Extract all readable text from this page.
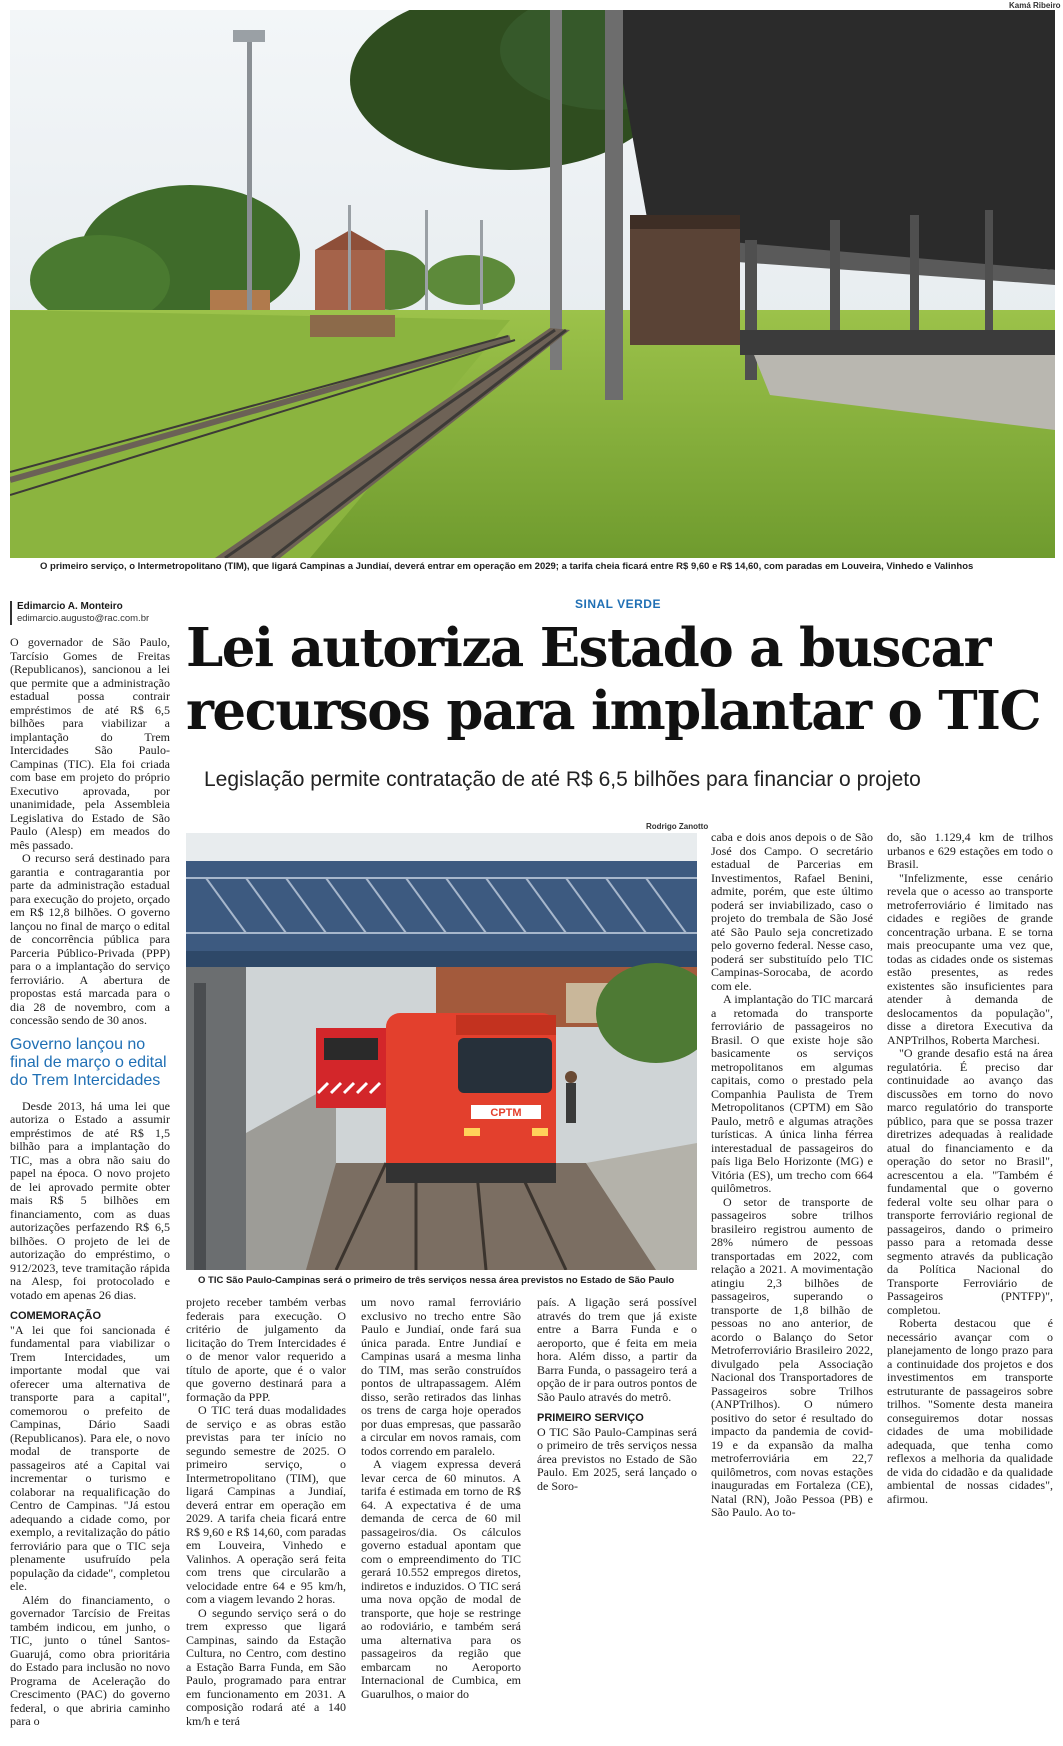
Kamá Ribeiro
O primeiro serviço, o Intermetropolitano (TIM), que ligará Campinas a Jundiaí, deverá entrar em operação em 2029; a tarifa cheia ficará entre R$ 9,60 e R$ 14,60, com paradas em Louveira, Vinhedo e Valinhos
Edimarcio A. Monteiro
edimarcio.augusto@rac.com.br
SINAL VERDE
Lei autoriza Estado a buscar recursos para implantar o TIC
Legislação permite contratação de até R$ 6,5 bilhões para financiar o projeto

O governador de São Paulo, Tarcísio Gomes de Freitas (Republicanos), sancionou a lei que permite que a administração estadual possa contrair empréstimos de até R$ 6,5 bilhões para viabilizar a implantação do Trem Intercidades São Paulo-Campinas (TIC). Ela foi criada com base em projeto do próprio Executivo aprovada, por unanimidade, pela Assembleia Legislativa do Estado de São Paulo (Alesp) em meados do mês passado.

O recurso será destinado para garantia e contragarantia por parte da administração estadual para execução do projeto, orçado em R$ 12,8 bilhões. O governo lançou no final de março o edital de concorrência pública para Parceria Público-Privada (PPP) para o a implantação do serviço ferroviário. A abertura de propostas está marcada para o dia 28 de novembro, com a concessão sendo de 30 anos.

Governo lançou no final de março o edital do Trem Intercidades

Desde 2013, há uma lei que autoriza o Estado a assumir empréstimos de até R$ 1,5 bilhão para a implantação do TIC, mas a obra não saiu do papel na época. O novo projeto de lei aprovado permite obter mais R$ 5 bilhões em financiamento, com as duas autorizações perfazendo R$ 6,5 bilhões. O projeto de lei de autorização do empréstimo, o 912/2023, teve tramitação rápida na Alesp, foi protocolado e votado em apenas 26 dias.

COMEMORAÇÃO

"A lei que foi sancionada é fundamental para viabilizar o Trem Intercidades, um importante modal que vai oferecer uma alternativa de transporte para a capital", comemorou o prefeito de Campinas, Dário Saadi (Republicanos). Para ele, o novo modal de transporte de passageiros até a Capital vai incrementar o turismo e colaborar na requalificação do Centro de Campinas. "Já estou adequando a cidade como, por exemplo, a revitalização do pátio ferroviário para que o TIC seja plenamente usufruído pela população da cidade", completou ele.

Além do financiamento, o governador Tarcísio de Freitas também indicou, em junho, o TIC, junto o túnel Santos-Guarujá, como obra prioritária do Estado para inclusão no novo Programa de Aceleração do Crescimento (PAC) do governo federal, o que abriria caminho para o

Rodrigo Zanotto
CPTM
O TIC São Paulo-Campinas será o primeiro de três serviços nessa área previstos no Estado de São Paulo

projeto receber também verbas federais para execução. O critério de julgamento da licitação do Trem Intercidades é o de menor valor requerido a título de aporte, que é o valor que governo destinará para a formação da PPP.

O TIC terá duas modalidades de serviço e as obras estão previstas para ter início no segundo semestre de 2025. O primeiro serviço, o Intermetropolitano (TIM), que ligará Campinas a Jundiaí, deverá entrar em operação em 2029. A tarifa cheia ficará entre R$ 9,60 e R$ 14,60, com paradas em Louveira, Vinhedo e Valinhos. A operação será feita com trens que circularão a velocidade entre 64 e 95 km/h, com a viagem levando 2 horas.

O segundo serviço será o do trem expresso que ligará Campinas, saindo da Estação Cultura, no Centro, com destino a Estação Barra Funda, em São Paulo, programado para entrar em funcionamento em 2031. A composição rodará até a 140 km/h e terá

um novo ramal ferroviário exclusivo no trecho entre São Paulo e Jundiaí, onde fará sua única parada. Entre Jundiaí e Campinas usará a mesma linha do TIM, mas serão construídos pontos de ultrapassagem. Além disso, serão retirados das linhas os trens de carga hoje operados por duas empresas, que passarão a circular em novos ramais, com todos correndo em paralelo.

A viagem expressa deverá levar cerca de 60 minutos. A tarifa é estimada em torno de R$ 64. A expectativa é de uma demanda de cerca de 60 mil passageiros/dia. Os cálculos governo estadual apontam que com o empreendimento do TIC gerará 10.552 empregos diretos, indiretos e induzidos. O TIC será uma nova opção de modal de transporte, que hoje se restringe ao rodoviário, e também será uma alternativa para os passageiros da região que embarcam no Aeroporto Internacional de Cumbica, em Guarulhos, o maior do

país. A ligação será possível através do trem que já existe entre a Barra Funda e o aeroporto, que é feita em meia hora. Além disso, a partir da Barra Funda, o passageiro terá a opção de ir para outros pontos de São Paulo através do metrô.

PRIMEIRO SERVIÇO

O TIC São Paulo-Campinas será o primeiro de três serviços nessa área previstos no Estado de São Paulo. Em 2025, será lançado o de Soro-

caba e dois anos depois o de São José dos Campo. O secretário estadual de Parcerias em Investimentos, Rafael Benini, admite, porém, que este último poderá ser inviabilizado, caso o projeto do trembala de São José até São Paulo seja concretizado pelo governo federal. Nesse caso, poderá ser substituído pelo TIC Campinas-Sorocaba, de acordo com ele.

A implantação do TIC marcará a retomada do transporte ferroviário de passageiros no Brasil. O que existe hoje são basicamente os serviços metropolitanos em algumas capitais, como o prestado pela Companhia Paulista de Trem Metropolitanos (CPTM) em São Paulo, metrô e algumas atrações turísticas. A única linha férrea interestadual de passageiros do país liga Belo Horizonte (MG) e Vitória (ES), um trecho com 664 quilômetros.

O setor de transporte de passageiros sobre trilhos brasileiro registrou aumento de 28% número de pessoas transportadas em 2022, com relação a 2021. A movimentação atingiu 2,3 bilhões de passageiros, superando o transporte de 1,8 bilhão de pessoas no ano anterior, de acordo o Balanço do Setor Metroferroviário Brasileiro 2022, divulgado pela Associação Nacional dos Transportadores de Passageiros sobre Trilhos (ANPTrilhos). O número positivo do setor é resultado do impacto da pandemia de covid-19 e da expansão da malha metroferroviária em 22,7 quilômetros, com novas estações inauguradas em Fortaleza (CE), Natal (RN), João Pessoa (PB) e São Paulo. Ao to-

do, são 1.129,4 km de trilhos urbanos e 629 estações em todo o Brasil.

"Infelizmente, esse cenário revela que o acesso ao transporte metroferroviário é limitado nas cidades e regiões de grande concentração urbana. E se torna mais preocupante uma vez que, todas as cidades onde os sistemas estão presentes, as redes existentes são insuficientes para atender à demanda de deslocamentos da população", disse a diretora Executiva da ANPTrilhos, Roberta Marchesi.

"O grande desafio está na área regulatória. É preciso dar continuidade ao avanço das discussões em torno do novo marco regulatório do transporte público, para que se possa trazer diretrizes adequadas à realidade atual do financiamento e da operação do setor no Brasil", acrescentou a ela. "Também é fundamental que o governo federal volte seu olhar para o transporte ferroviário regional de passageiros, dando o primeiro passo para a retomada desse segmento através da publicação da Política Nacional do Transporte Ferroviário de Passageiros (PNTFP)", completou.

Roberta destacou que é necessário avançar com o planejamento de longo prazo para a continuidade dos projetos e dos investimentos em transporte estruturante de passageiros sobre trilhos. "Somente desta maneira conseguiremos dotar nossas cidades de uma mobilidade adequada, que tenha como reflexos a melhoria da qualidade de vida do cidadão e da qualidade ambiental de nossas cidades", afirmou.
